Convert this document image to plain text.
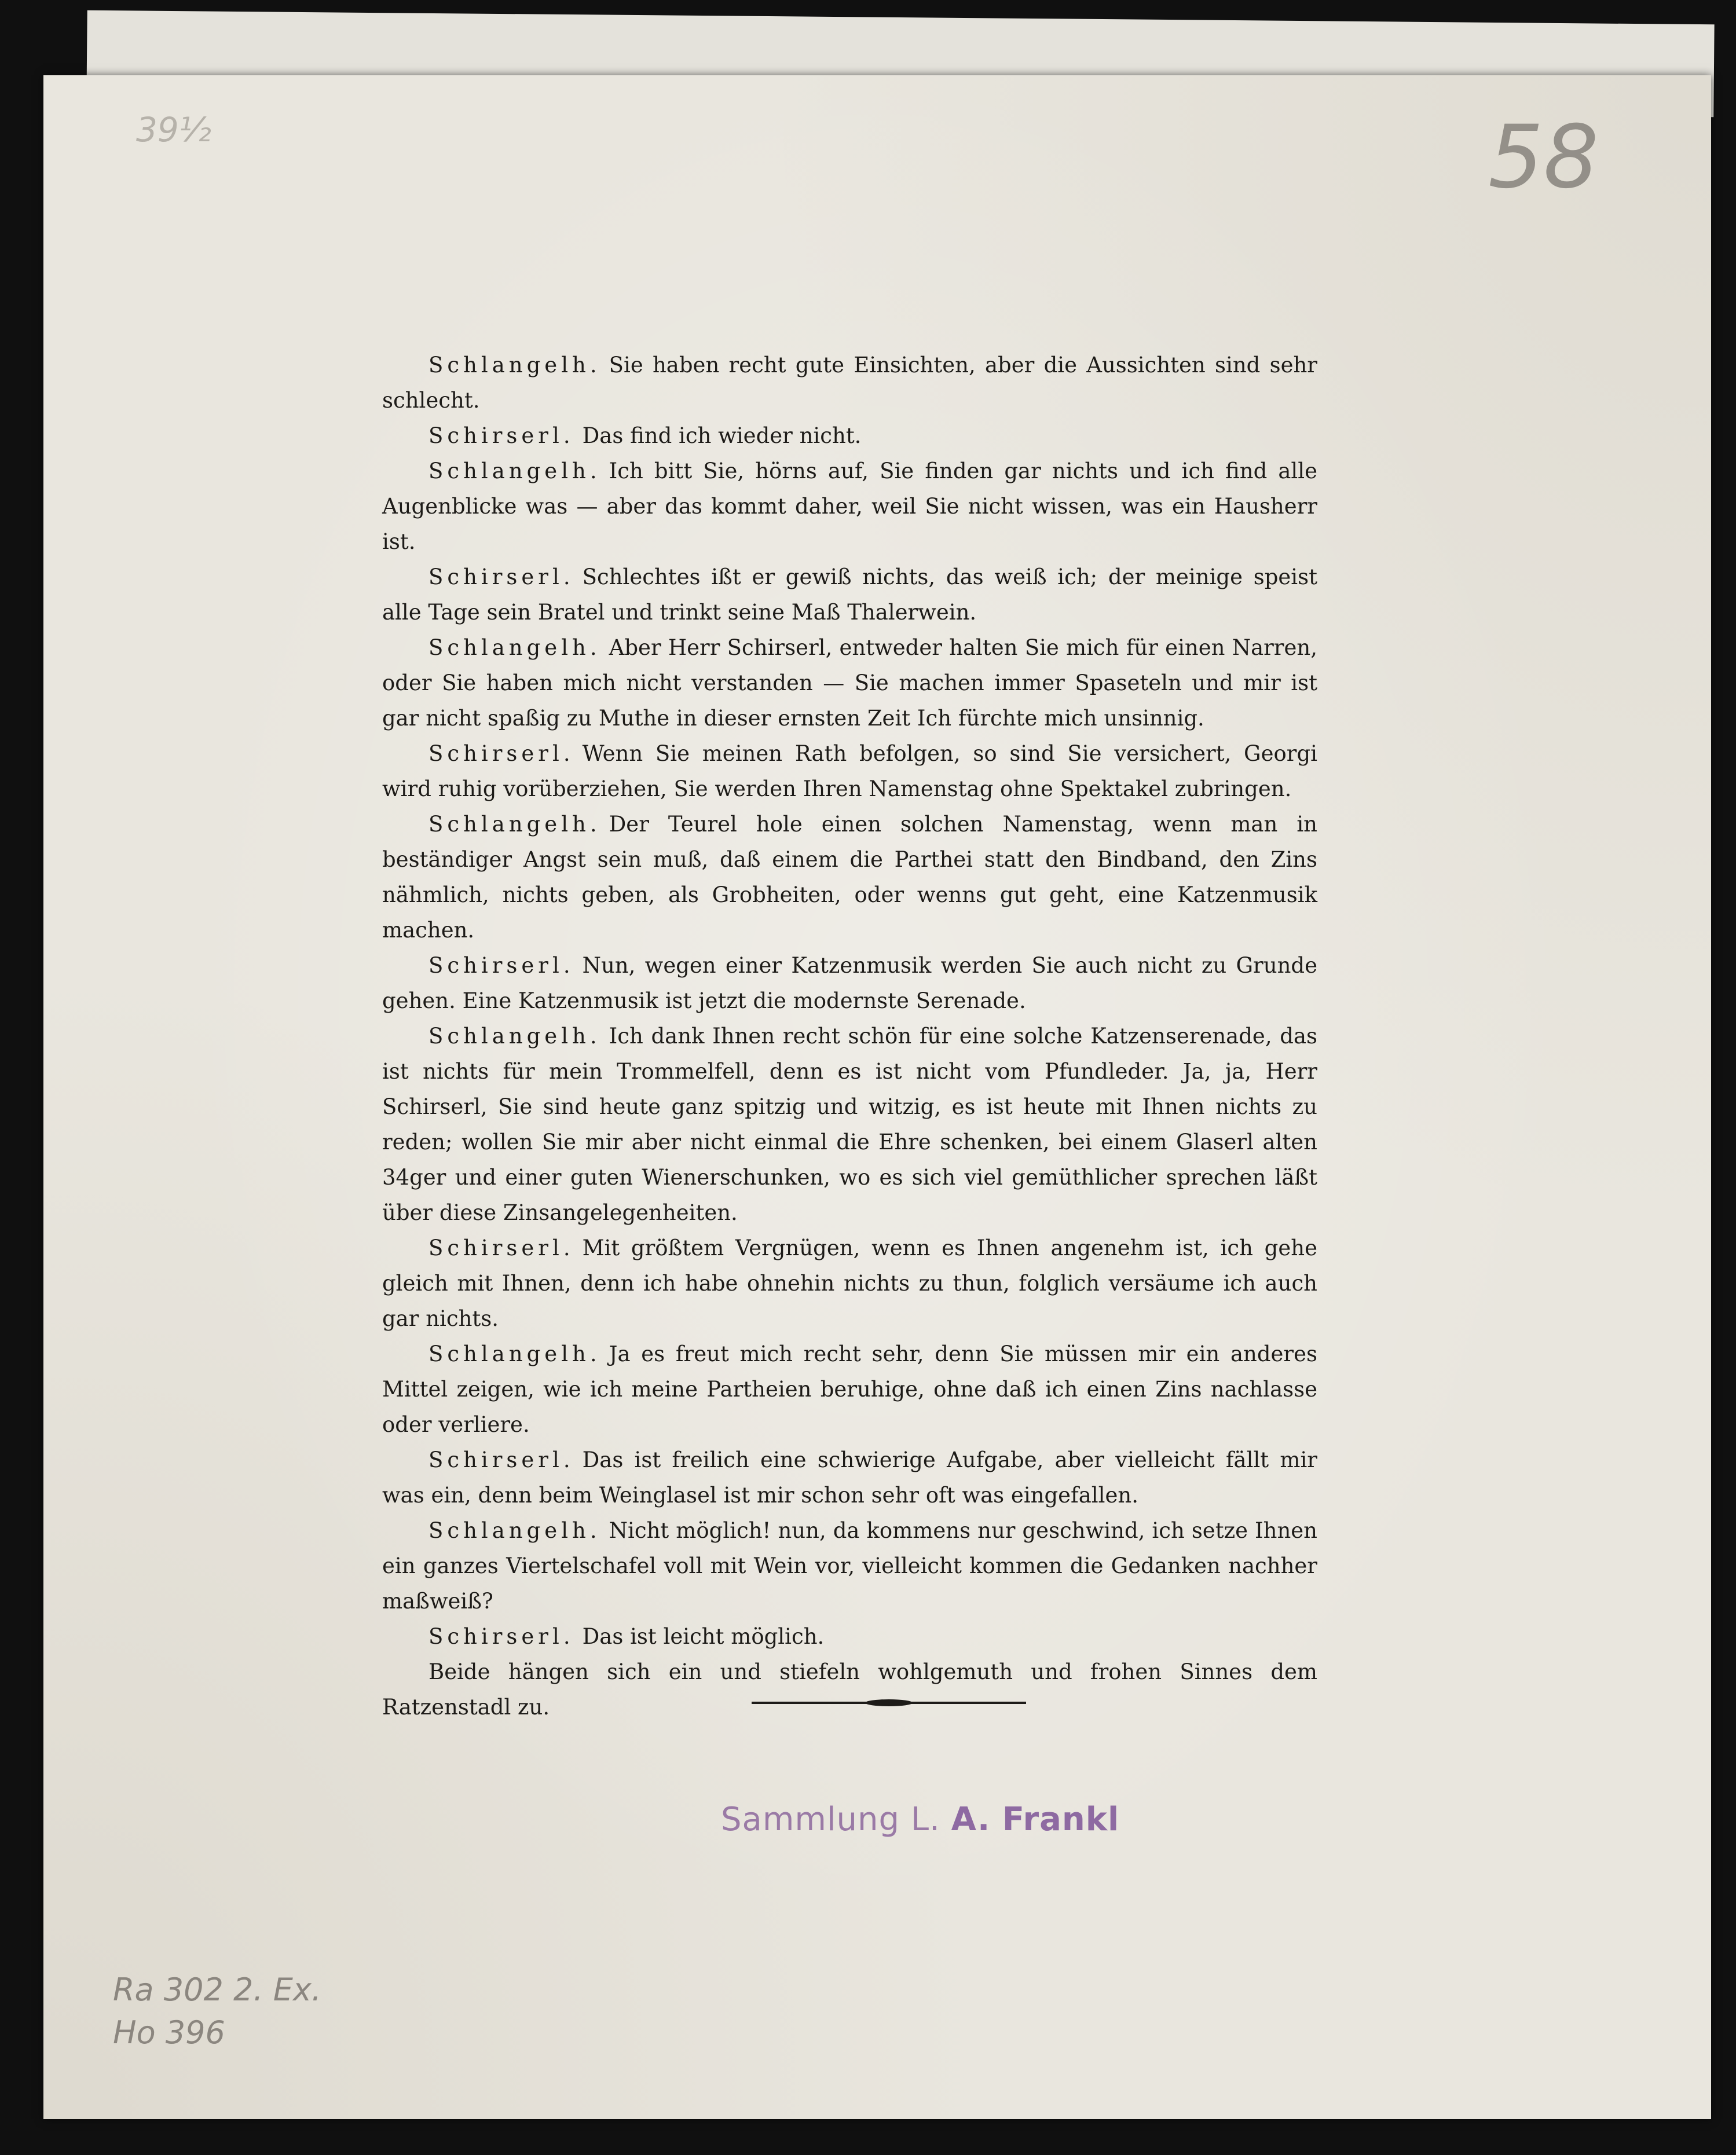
39½	58
Ra 302 2. Ex.
Ho 396

Schlangelh. Sie haben recht gute Einsichten, aber die Aussichten sind sehr schlecht.

Schirserl. Das find ich wieder nicht.

Schlangelh. Ich bitt Sie, hörns auf, Sie finden gar nichts und ich find alle Augenblicke was — aber das kommt daher, weil Sie nicht wissen, was ein Hausherr ist.

Schirserl. Schlechtes ißt er gewiß nichts, das weiß ich; der meinige speist alle Tage sein Bratel und trinkt seine Maß Thalerwein.

Schlangelh. Aber Herr Schirserl, entweder halten Sie mich für einen Narren, oder Sie haben mich nicht verstanden — Sie machen immer Spaseteln und mir ist gar nicht spaßig zu Muthe in dieser ernsten Zeit Ich fürchte mich unsinnig.

Schirserl. Wenn Sie meinen Rath befolgen, so sind Sie versichert, Georgi wird ruhig vorüberziehen, Sie werden Ihren Namenstag ohne Spektakel zubringen.

Schlangelh. Der Teurel hole einen solchen Namenstag, wenn man in beständiger Angst sein muß, daß einem die Parthei statt den Bindband, den Zins nähmlich, nichts geben, als Grobheiten, oder wenns gut geht, eine Katzenmusik machen.

Schirserl. Nun, wegen einer Katzenmusik werden Sie auch nicht zu Grunde gehen. Eine Katzenmusik ist jetzt die modernste Serenade.

Schlangelh. Ich dank Ihnen recht schön für eine solche Katzenserenade, das ist nichts für mein Trommelfell, denn es ist nicht vom Pfundleder. Ja, ja, Herr Schirserl, Sie sind heute ganz spitzig und witzig, es ist heute mit Ihnen nichts zu reden; wollen Sie mir aber nicht einmal die Ehre schenken, bei einem Glaserl alten 34ger und einer guten Wienerschunken, wo es sich viel gemüthlicher sprechen läßt über diese Zinsangelegenheiten.

Schirserl. Mit größtem Vergnügen, wenn es Ihnen angenehm ist, ich gehe gleich mit Ihnen, denn ich habe ohnehin nichts zu thun, folglich versäume ich auch gar nichts.

Schlangelh. Ja es freut mich recht sehr, denn Sie müssen mir ein anderes Mittel zeigen, wie ich meine Partheien beruhige, ohne daß ich einen Zins nachlasse oder verliere.

Schirserl. Das ist freilich eine schwierige Aufgabe, aber vielleicht fällt mir was ein, denn beim Weinglasel ist mir schon sehr oft was eingefallen.

Schlangelh. Nicht möglich! nun, da kommens nur geschwind, ich setze Ihnen ein ganzes Viertelschafel voll mit Wein vor, vielleicht kommen die Gedanken nachher maßweiß?

Schirserl. Das ist leicht möglich.

Beide hängen sich ein und stiefeln wohlgemuth und frohen Sinnes dem Ratzenstadl zu.

Sammlung L. A. Frankl
